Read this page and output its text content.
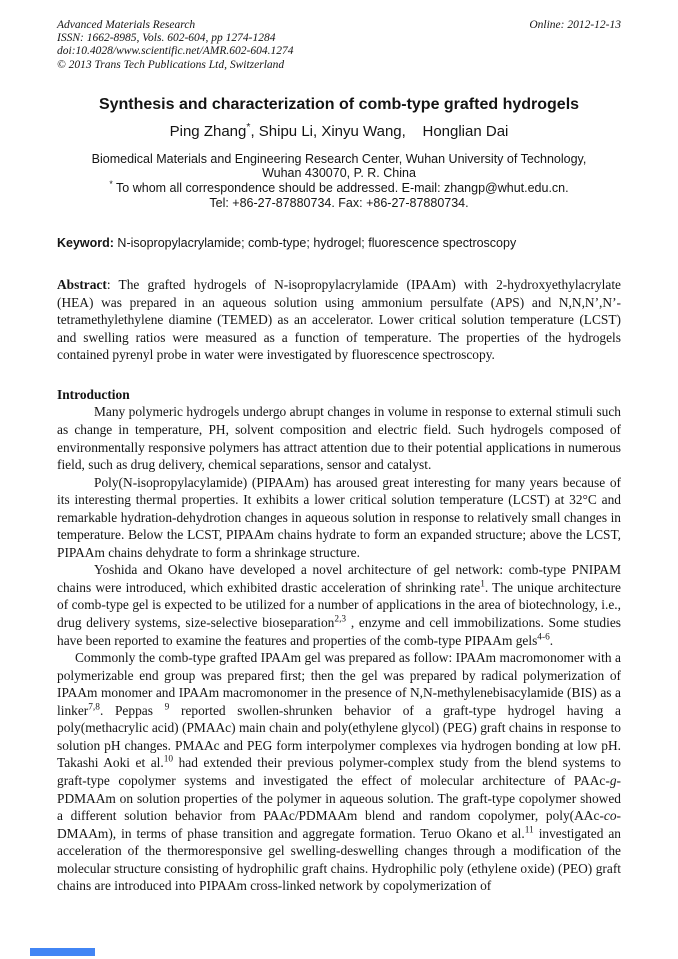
Advanced Materials Research
ISSN: 1662-8985, Vols. 602-604, pp 1274-1284
doi:10.4028/www.scientific.net/AMR.602-604.1274
© 2013 Trans Tech Publications Ltd, Switzerland
Online: 2012-12-13
Synthesis and characterization of comb-type grafted hydrogels
Ping Zhang*, Shipu Li, Xinyu Wang,    Honglian Dai
Biomedical Materials and Engineering Research Center, Wuhan University of Technology,
Wuhan 430070, P. R. China
* To whom all correspondence should be addressed. E-mail: zhangp@whut.edu.cn.
Tel: +86-27-87880734. Fax: +86-27-87880734.
Keyword: N-isopropylacrylamide; comb-type; hydrogel; fluorescence spectroscopy

Abstract: The grafted hydrogels of N-isopropylacrylamide (IPAAm) with 2-hydroxyethylacrylate (HEA) was prepared in an aqueous solution using ammonium persulfate (APS) and N,N,N’,N’-tetramethylethylene diamine (TEMED) as an accelerator. Lower critical solution temperature (LCST) and swelling ratios were measured as a function of temperature. The properties of the hydrogels contained pyrenyl probe in water were investigated by fluorescence spectroscopy.

Introduction

Many polymeric hydrogels undergo abrupt changes in volume in response to external stimuli such as change in temperature, PH, solvent composition and electric field. Such hydrogels composed of environmentally responsive polymers has attract attention due to their potential applications in numerous field, such as drug delivery, chemical separations, sensor and catalyst.

Poly(N-isopropylacylamide) (PIPAAm) has aroused great interesting for many years because of its interesting thermal properties. It exhibits a lower critical solution temperature (LCST) at 32°C and remarkable hydration-dehydrotion changes in aqueous solution in response to relatively small changes in temperature. Below the LCST, PIPAAm chains hydrate to form an expanded structure; above the LCST, PIPAAm chains dehydrate to form a shrinkage structure.

Yoshida and Okano have developed a novel architecture of gel network: comb-type PNIPAM chains were introduced, which exhibited drastic acceleration of shrinking rate$^1$. The unique architecture of comb-type gel is expected to be utilized for a number of applications in the area of biotechnology, i.e., drug delivery systems, size-selective bioseparation$^{2,3}$ , enzyme and cell immobilizations. Some studies have been reported to examine the features and properties of the comb-type PIPAAm gels$^{4-6}$.

Commonly the comb-type grafted IPAAm gel was prepared as follow: IPAAm macromonomer with a polymerizable end group was prepared first; then the gel was prepared by radical polymerization of IPAAm monomer and IPAAm macromonomer in the presence of N,N-methylenebisacylamide (BIS) as a linker$^{7,8}$. Peppas $^9$ reported swollen-shrunken behavior of a graft-type hydrogel having a poly(methacrylic acid) (PMAAc) main chain and poly(ethylene glycol) (PEG) graft chains in response to solution pH changes. PMAAc and PEG form interpolymer complexes via hydrogen bonding at low pH. Takashi Aoki et al.$^{10}$ had extended their previous polymer-complex study from the blend systems to graft-type copolymer systems and investigated the effect of molecular architecture of PAAc-g-PDMAAm on solution properties of the polymer in aqueous solution. The graft-type copolymer showed a different solution behavior from PAAc/PDMAAm blend and random copolymer, poly(AAc-co-DMAAm), in terms of phase transition and aggregate formation. Teruo Okano et al.$^{11}$ investigated an acceleration of the thermoresponsive gel swelling-deswelling changes through a modification of the molecular structure consisting of hydrophilic graft chains. Hydrophilic poly (ethylene oxide) (PEO) graft chains are introduced into PIPAAm cross-linked network by copolymerization of
